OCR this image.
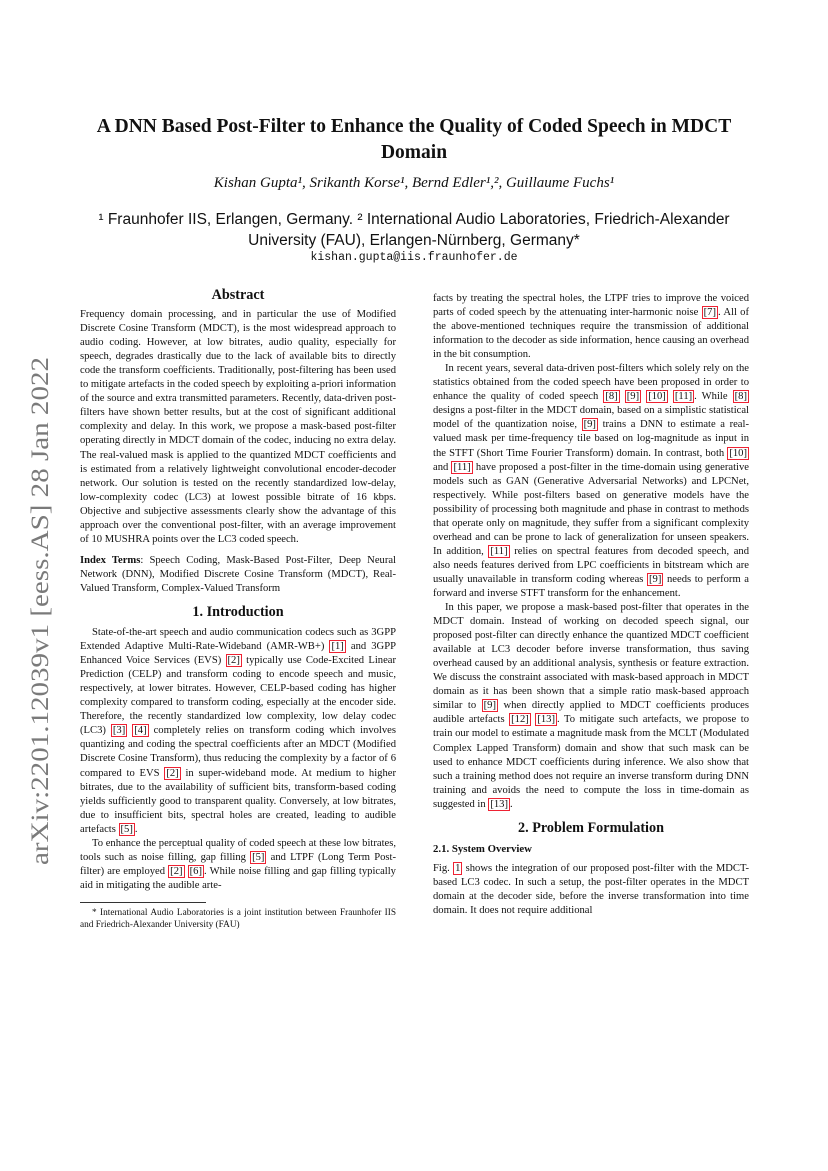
arXiv:2201.12039v1 [eess.AS] 28 Jan 2022
A DNN Based Post-Filter to Enhance the Quality of Coded Speech in MDCT Domain
Kishan Gupta¹, Srikanth Korse¹, Bernd Edler¹,², Guillaume Fuchs¹
¹ Fraunhofer IIS, Erlangen, Germany. ² International Audio Laboratories, Friedrich-Alexander University (FAU), Erlangen-Nürnberg, Germany*
kishan.gupta@iis.fraunhofer.de
Abstract

Frequency domain processing, and in particular the use of Modified Discrete Cosine Transform (MDCT), is the most widespread approach to audio coding. However, at low bitrates, audio quality, especially for speech, degrades drastically due to the lack of available bits to directly code the transform coefficients. Traditionally, post-filtering has been used to mitigate artefacts in the coded speech by exploiting a-priori information of the source and extra transmitted parameters. Recently, data-driven post-filters have shown better results, but at the cost of significant additional complexity and delay. In this work, we propose a mask-based post-filter operating directly in MDCT domain of the codec, inducing no extra delay. The real-valued mask is applied to the quantized MDCT coefficients and is estimated from a relatively lightweight convolutional encoder-decoder network. Our solution is tested on the recently standardized low-delay, low-complexity codec (LC3) at lowest possible bitrate of 16 kbps. Objective and subjective assessments clearly show the advantage of this approach over the conventional post-filter, with an average improvement of 10 MUSHRA points over the LC3 coded speech.

Index Terms: Speech Coding, Mask-Based Post-Filter, Deep Neural Network (DNN), Modified Discrete Cosine Transform (MDCT), Real-Valued Transform, Complex-Valued Transform

1. Introduction

State-of-the-art speech and audio communication codecs such as 3GPP Extended Adaptive Multi-Rate-Wideband (AMR-WB+) [1] and 3GPP Enhanced Voice Services (EVS) [2] typically use Code-Excited Linear Prediction (CELP) and transform coding to encode speech and music, respectively, at lower bitrates. However, CELP-based coding has higher complexity compared to transform coding, especially at the encoder side. Therefore, the recently standardized low complexity, low delay codec (LC3) [3] [4] completely relies on transform coding which involves quantizing and coding the spectral coefficients after an MDCT (Modified Discrete Cosine Transform), thus reducing the complexity by a factor of 6 compared to EVS [2] in super-wideband mode. At medium to higher bitrates, due to the availability of sufficient bits, transform-based coding yields sufficiently good to transparent quality. Conversely, at low bitrates, due to insufficient bits, spectral holes are created, leading to audible artefacts [5] .

To enhance the perceptual quality of coded speech at these low bitrates, tools such as noise filling, gap filling [5] and LTPF (Long Term Post-filter) are employed [2] [6] . While noise filling and gap filling typically aid in mitigating the audible arte-

* International Audio Laboratories is a joint institution between Fraunhofer IIS and Friedrich-Alexander University (FAU)

facts by treating the spectral holes, the LTPF tries to improve the voiced parts of coded speech by the attenuating inter-harmonic noise [7] . All of the above-mentioned techniques require the transmission of additional information to the decoder as side information, hence causing an overhead in the bit consumption.

In recent years, several data-driven post-filters which solely rely on the statistics obtained from the coded speech have been proposed in order to enhance the quality of coded speech [8] [9] [10] [11] . While [8] designs a post-filter in the MDCT domain, based on a simplistic statistical model of the quantization noise, [9] trains a DNN to estimate a real-valued mask per time-frequency tile based on log-magnitude as input in the STFT (Short Time Fourier Transform) domain. In contrast, both [10] and [11] have proposed a post-filter in the time-domain using generative models such as GAN (Generative Adversarial Networks) and LPCNet, respectively. While post-filters based on generative models have the possibility of processing both magnitude and phase in contrast to methods that operate only on magnitude, they suffer from a significant complexity overhead and can be prone to lack of generalization for unseen speakers. In addition, [11] relies on spectral features from decoded speech, and also needs features derived from LPC coefficients in bitstream which are usually unavailable in transform coding whereas [9] needs to perform a forward and inverse STFT transform for the enhancement.

In this paper, we propose a mask-based post-filter that operates in the MDCT domain. Instead of working on decoded speech signal, our proposed post-filter can directly enhance the quantized MDCT coefficient available at LC3 decoder before inverse transformation, thus saving overhead caused by an additional analysis, synthesis or feature extraction. We discuss the constraint associated with mask-based approach in MDCT domain as it has been shown that a simple ratio mask-based approach similar to [9] when directly applied to MDCT coefficients produces audible artefacts [12] [13] . To mitigate such artefacts, we propose to train our model to estimate a magnitude mask from the MCLT (Modulated Complex Lapped Transform) domain and show that such mask can be used to enhance MDCT coefficients during inference. We also show that such a training method does not require an inverse transform during DNN training and avoids the need to compute the loss in time-domain as suggested in [13] .

2. Problem Formulation
2.1. System Overview

Fig. 1 shows the integration of our proposed post-filter with the MDCT-based LC3 codec. In such a setup, the post-filter operates in the MDCT domain at the decoder side, before the inverse transformation into time domain. It does not require additional
